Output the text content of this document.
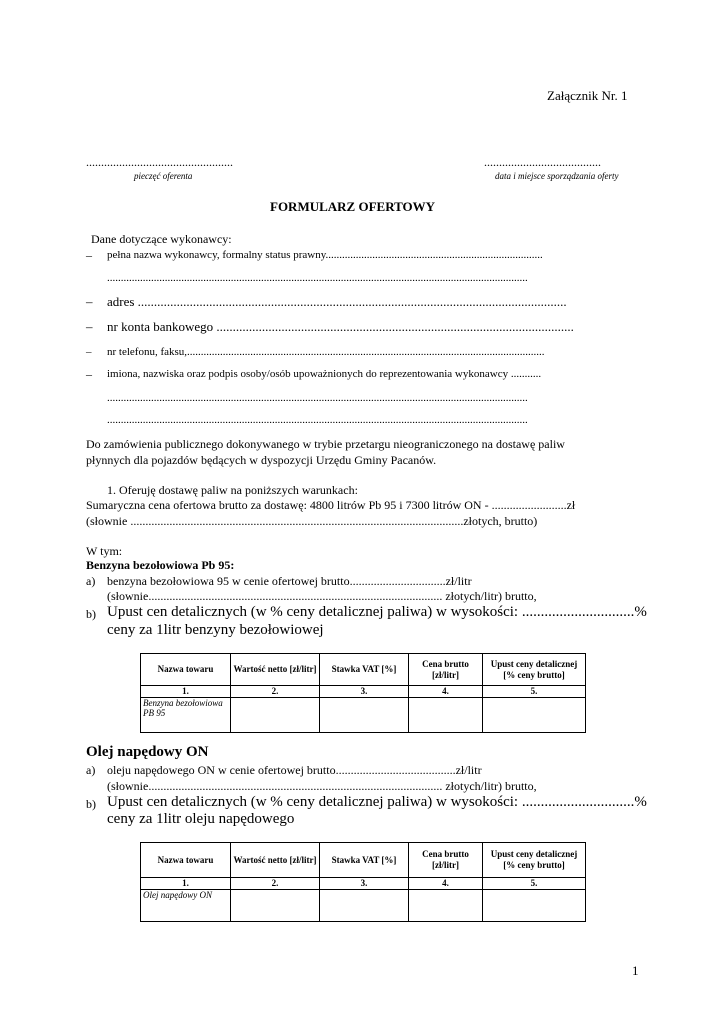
Załącznik Nr. 1
.................................................
pieczęć oferenta
.......................................
data i miejsce sporządzania oferty
FORMULARZ OFERTOWY
Dane dotyczące wykonawcy:
– pełna nazwa wykonawcy, formalny status prawny...............................................................................
.........................................................................................................................................................
– adres ....................................................................................................................................
– nr konta bankowego ..............................................................................................................
– nr telefonu, faksu,..................................................................................................................................
– imiona, nazwiska oraz podpis osoby/osób upoważnionych do reprezentowania wykonawcy ...........
.........................................................................................................................................................
.........................................................................................................................................................
Do zamówienia publicznego dokonywanego w trybie przetargu nieograniczonego na dostawę paliw
płynnych dla pojazdów będących w dyspozycji Urzędu Gminy Pacanów.
1. Oferuję dostawę paliw na poniższych warunkach:
Sumaryczna cena ofertowa brutto za dostawę: 4800 litrów Pb 95 i 7300 litrów ON - .........................zł
(słownie ...............................................................................................................złotych, brutto)
W tym:
Benzyna bezołowiowa Pb 95:
a) benzyna bezołowiowa 95 w cenie ofertowej brutto................................zł/litr
(słownie.................................................................................................. złotych/litr) brutto,
b) Upust cen detalicznych (w % ceny detalicznej paliwa) w wysokości: ..............................%
ceny za 1litr benzyny bezołowiowej
Nazwa towaru	Wartość netto [zł/litr]	Stawka VAT [%]	Cena brutto [zł/litr]	Upust ceny detalicznej [% ceny brutto]
1.	2.	3.	4.	5.
Benzyna bezołowiowa PB 95				
Olej napędowy ON
a) oleju napędowego ON w cenie ofertowej brutto........................................zł/litr
(słownie.................................................................................................. złotych/litr) brutto,
b) Upust cen detalicznych (w % ceny detalicznej paliwa) w wysokości: ..............................%
ceny za 1litr oleju napędowego
Nazwa towaru	Wartość netto [zł/litr]	Stawka VAT [%]	Cena brutto [zł/litr]	Upust ceny detalicznej [% ceny brutto]
1.	2.	3.	4.	5.
Olej napędowy ON				
1
